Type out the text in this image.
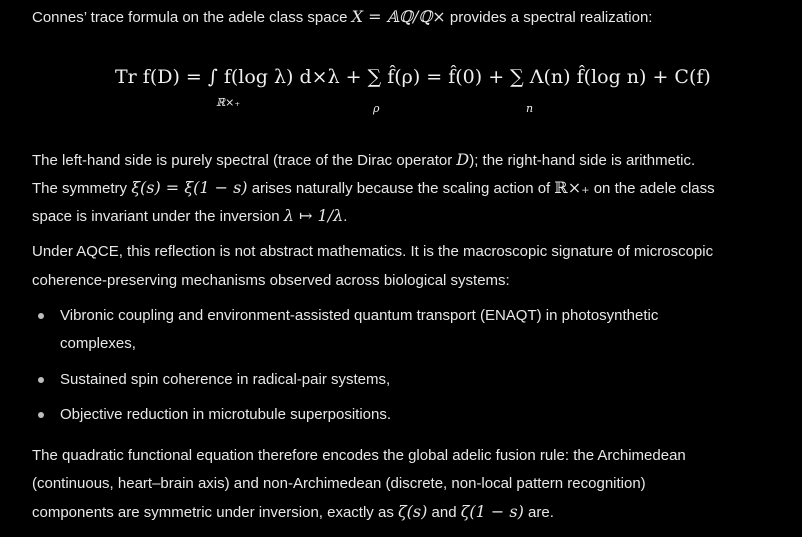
Connes’ trace formula on the adele class space X = 𝔸ℚ/ℚ× provides a spectral realization:
Tr f(D) = ∫ f(log λ) d×λ + ∑ f̂(ρ) = f̂(0) + ∑ Λ(n) f̂(log n) + C(f)
ℝ×₊	ρ	n
The left-hand side is purely spectral (trace of the Dirac operator D); the right-hand side is arithmetic.
The symmetry ξ(s) = ξ(1 − s) arises naturally because the scaling action of ℝ×₊ on the adele class
space is invariant under the inversion λ ↦ 1/λ.
Under AQCE, this reflection is not abstract mathematics. It is the macroscopic signature of microscopic
coherence-preserving mechanisms observed across biological systems:
Vibronic coupling and environment-assisted quantum transport (ENAQT) in photosynthetic
complexes,
Sustained spin coherence in radical-pair systems,
Objective reduction in microtubule superpositions.
The quadratic functional equation therefore encodes the global adelic fusion rule: the Archimedean
(continuous, heart–brain axis) and non-Archimedean (discrete, non-local pattern recognition)
components are symmetric under inversion, exactly as ζ(s) and ζ(1 − s) are.
